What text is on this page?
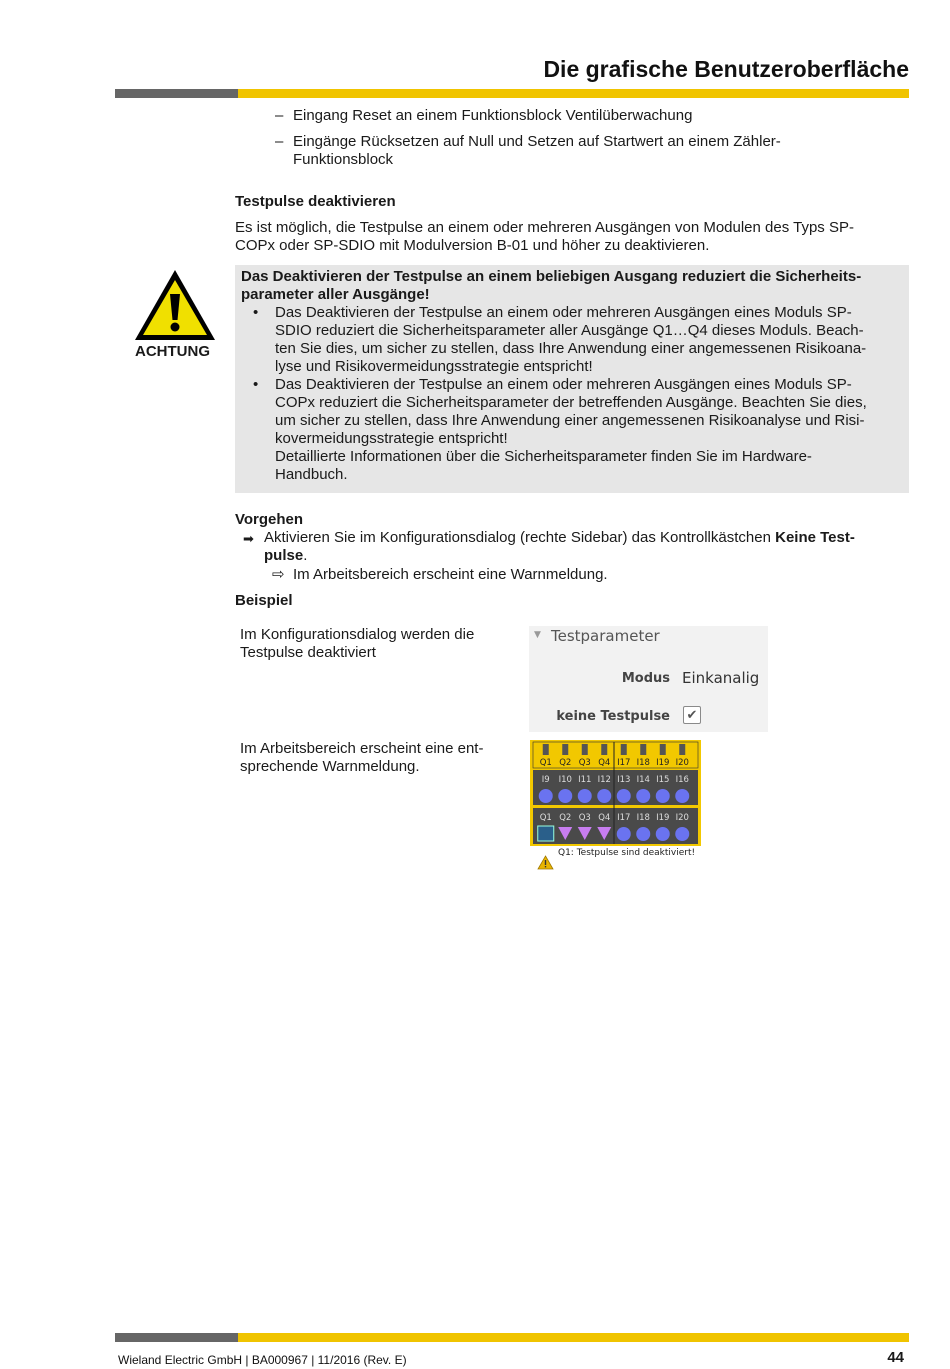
Die grafische Benutzeroberfläche
– Eingang Reset an einem Funktionsblock Ventilüberwachung
– Eingänge Rücksetzen auf Null und Setzen auf Startwert an einem Zähler-
Funktionsblock
Testpulse deaktivieren
Es ist möglich, die Testpulse an einem oder mehreren Ausgängen von Modulen des Typs SP-
COPx oder SP-SDIO mit Modulversion B-01 und höher zu deaktivieren.
ACHTUNG
Das Deaktivieren der Testpulse an einem beliebigen Ausgang reduziert die Sicherheits-
parameter aller Ausgänge!
• Das Deaktivieren der Testpulse an einem oder mehreren Ausgängen eines Moduls SP-
SDIO reduziert die Sicherheitsparameter aller Ausgänge Q1…Q4 dieses Moduls. Beach-
ten Sie dies, um sicher zu stellen, dass Ihre Anwendung einer angemessenen Risikoana-
lyse und Risikovermeidungsstrategie entspricht!
• Das Deaktivieren der Testpulse an einem oder mehreren Ausgängen eines Moduls SP-
COPx reduziert die Sicherheitsparameter der betreffenden Ausgänge. Beachten Sie dies,
um sicher zu stellen, dass Ihre Anwendung einer angemessenen Risikoanalyse und Risi-
kovermeidungsstrategie entspricht!
Detaillierte Informationen über die Sicherheitsparameter finden Sie im Hardware-
Handbuch.
Vorgehen
➡ Aktivieren Sie im Konfigurationsdialog (rechte Sidebar) das Kontrollkästchen Keine Test-
pulse.
⇨ Im Arbeitsbereich erscheint eine Warnmeldung.
Beispiel
Im Konfigurationsdialog werden die
Testpulse deaktiviert
Im Arbeitsbereich erscheint eine ent-
sprechende Warnmeldung.
▼ Testparameter
Modus Einkanalig
keine Testpulse ✔
Q1
I9
Q1
Q2
I10
Q2
Q3
I11
Q3
Q4
I12
Q4
I17
I13
I17
I18
I14
I18
I19
I15
I19
I20
I16
I20
Q1: Testpulse sind deaktiviert!
Wieland Electric GmbH | BA000967 | 11/2016 (Rev. E)	44
